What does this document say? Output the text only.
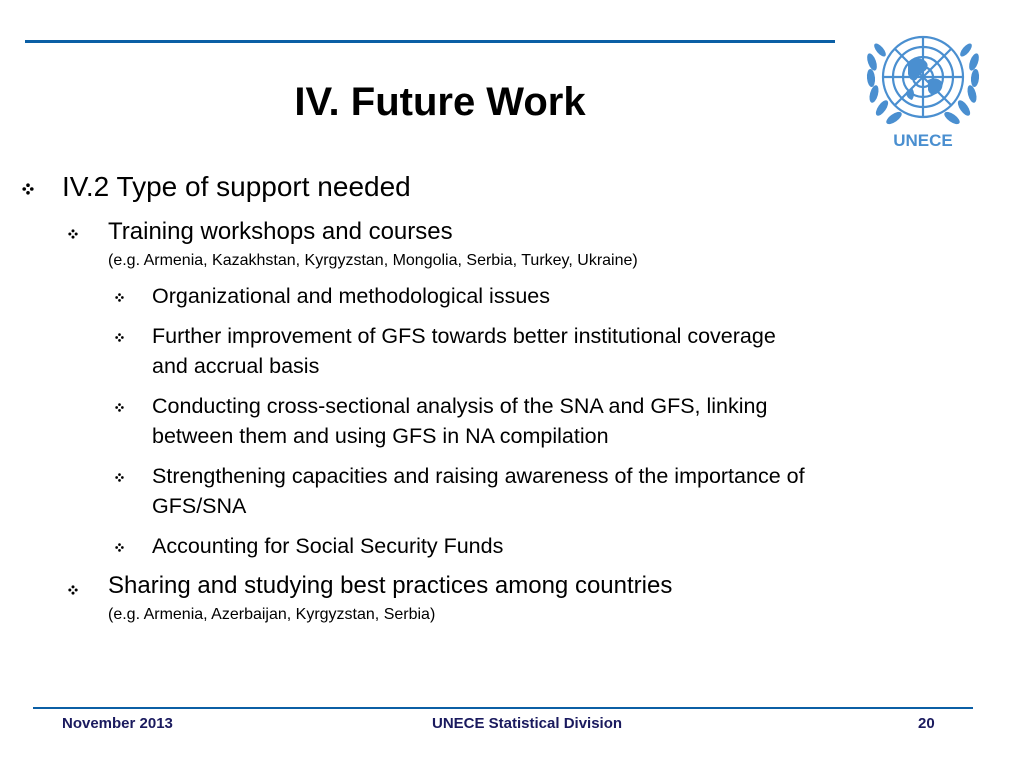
UNECE
IV. Future Work
IV.2 Type of support needed
Training workshops and courses
(e.g. Armenia, Kazakhstan, Kyrgyzstan, Mongolia, Serbia, Turkey, Ukraine)
Organizational and methodological issues
Further improvement of GFS towards better institutional coverage
and accrual basis
Conducting cross-sectional analysis of the SNA and GFS, linking
between them and using GFS in NA compilation
Strengthening capacities and raising awareness of the importance of
GFS/SNA
Accounting for Social Security Funds
Sharing and studying best practices among countries
(e.g. Armenia, Azerbaijan, Kyrgyzstan, Serbia)
November 2013	UNECE Statistical Division	20
